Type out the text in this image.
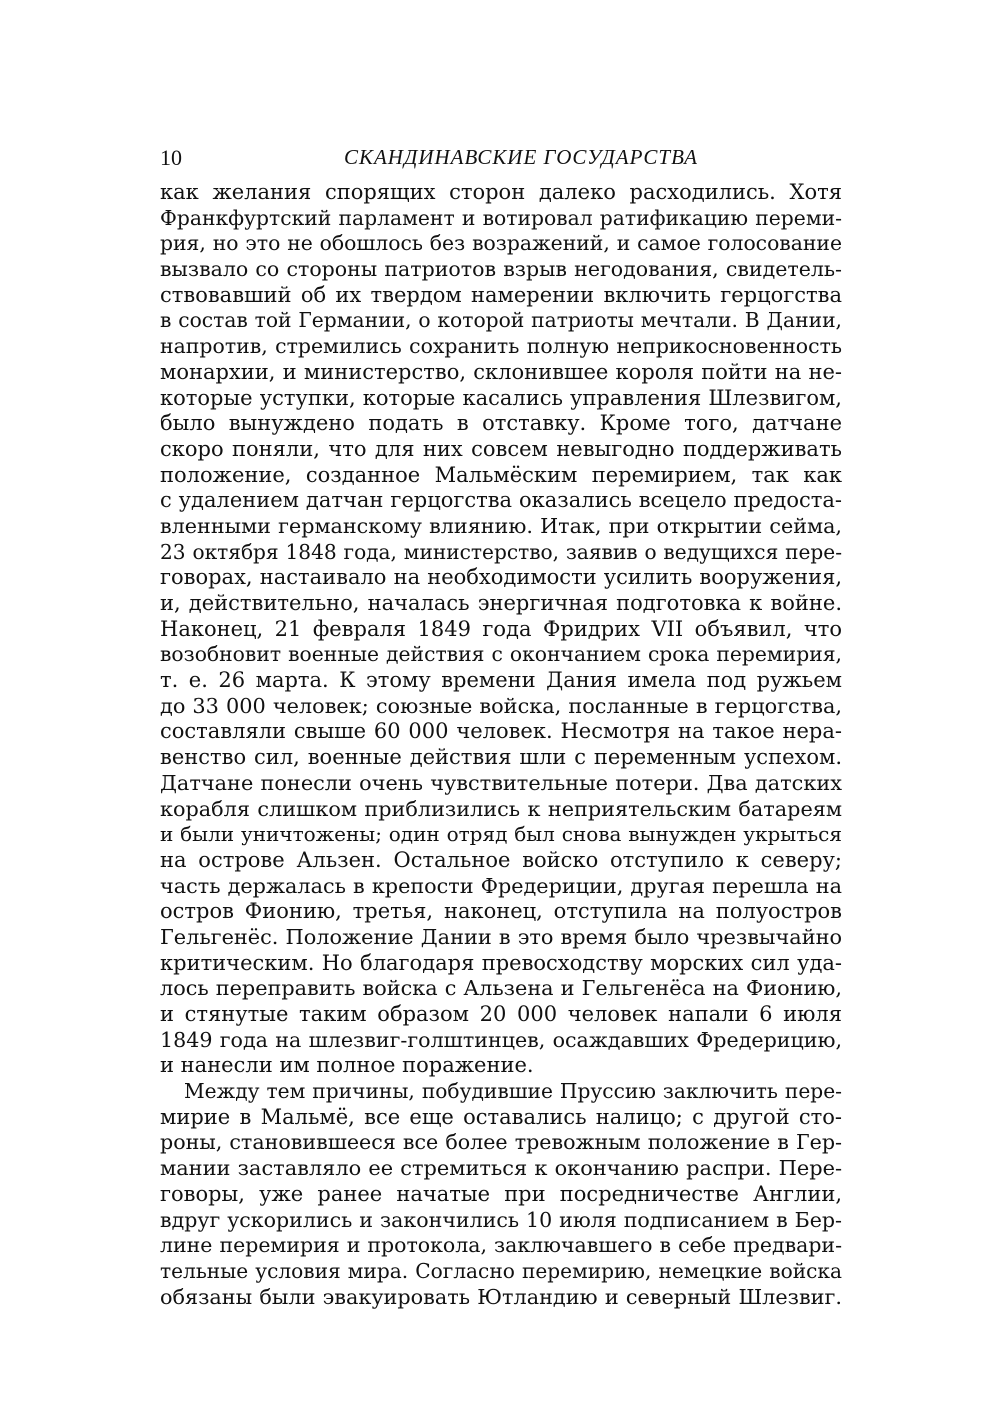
10	СКАНДИНАВСКИЕ ГОСУДАРСТВА
как желания спорящих сторон далеко расходились. Хотя
Франкфуртский парламент и вотировал ратификацию переми-
рия, но это не обошлось без возражений, и самое голосование
вызвало со стороны патриотов взрыв негодования, свидетель-
ствовавший об их твердом намерении включить герцогства
в состав той Германии, о которой патриоты мечтали. В Дании,
напротив, стремились сохранить полную неприкосновенность
монархии, и министерство, склонившее короля пойти на не-
которые уступки, которые касались управления Шлезвигом,
было вынуждено подать в отставку. Кроме того, датчане
скоро поняли, что для них совсем невыгодно поддерживать
положение, созданное Мальмёским перемирием, так как
с удалением датчан герцогства оказались всецело предоста-
вленными германскому влиянию. Итак, при открытии сейма,
23 октября 1848 года, министерство, заявив о ведущихся пере-
говорах, настаивало на необходимости усилить вооружения,
и, действительно, началась энергичная подготовка к войне.
Наконец, 21 февраля 1849 года Фридрих VII объявил, что
возобновит военные действия с окончанием срока перемирия,
т. е. 26 марта. К этому времени Дания имела под ружьем
до 33 000 человек; союзные войска, посланные в герцогства,
составляли свыше 60 000 человек. Несмотря на такое нера-
венство сил, военные действия шли с переменным успехом.
Датчане понесли очень чувствительные потери. Два датских
корабля слишком приблизились к неприятельским батареям
и были уничтожены; один отряд был снова вынужден укрыться
на острове Альзен. Остальное войско отступило к северу;
часть держалась в крепости Фредериции, другая перешла на
остров Фионию, третья, наконец, отступила на полуостров
Гельгенёс. Положение Дании в это время было чрезвычайно
критическим. Но благодаря превосходству морских сил уда-
лось переправить войска с Альзена и Гельгенёса на Фионию,
и стянутые таким образом 20 000 человек напали 6 июля
1849 года на шлезвиг-голштинцев, осаждавших Фредерицию,
и нанесли им полное поражение.
Между тем причины, побудившие Пруссию заключить пере-
мирие в Мальмё, все еще оставались налицо; с другой сто-
роны, становившееся все более тревожным положение в Гер-
мании заставляло ее стремиться к окончанию распри. Пере-
говоры, уже ранее начатые при посредничестве Англии,
вдруг ускорились и закончились 10 июля подписанием в Бер-
лине перемирия и протокола, заключавшего в себе предвари-
тельные условия мира. Согласно перемирию, немецкие войска
обязаны были эвакуировать Ютландию и северный Шлезвиг.
